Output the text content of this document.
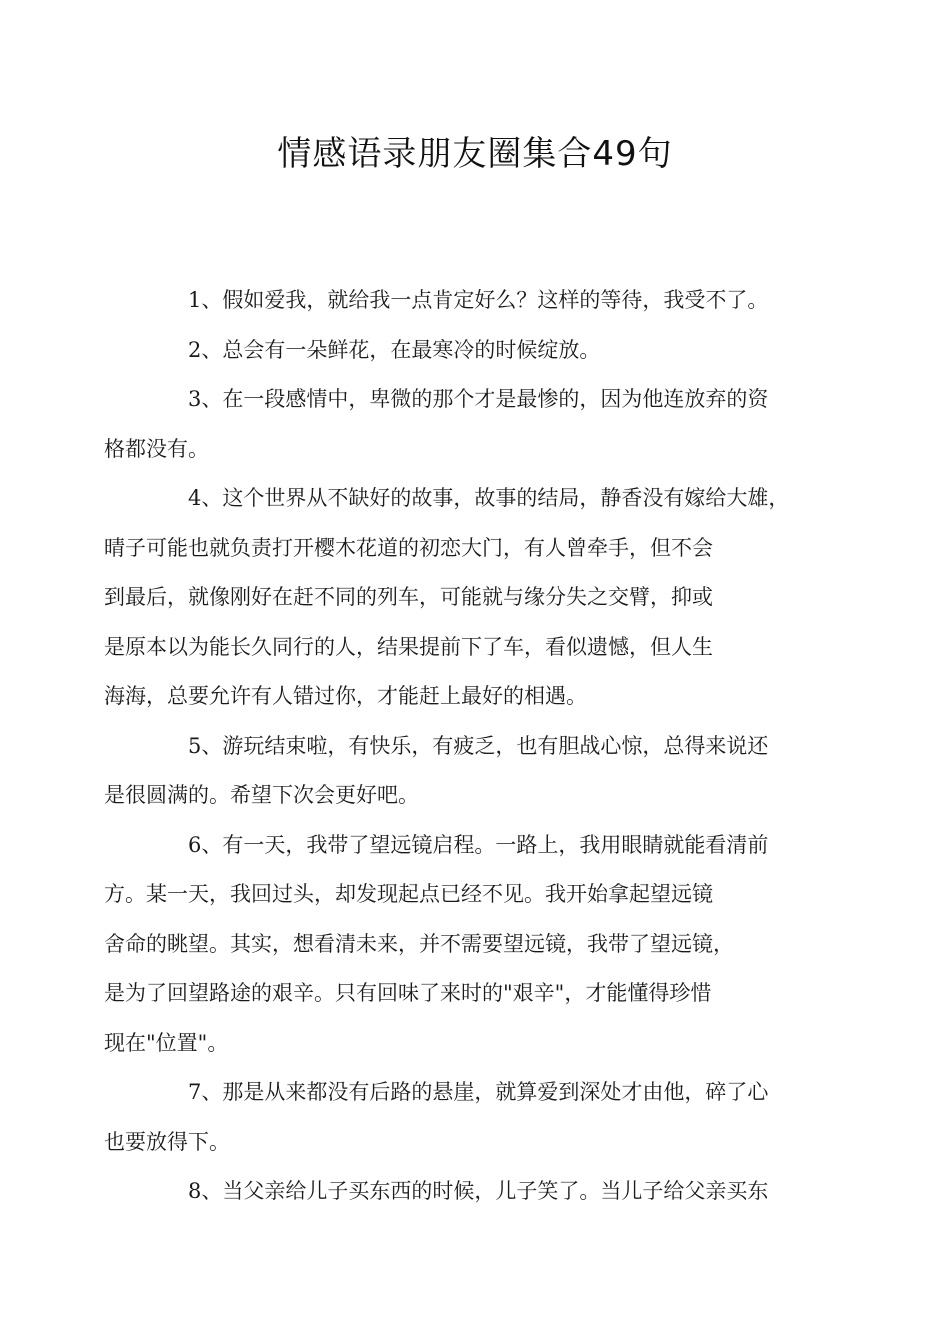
情感语录朋友圈集合49句
1、假如爱我，就给我一点肯定好么？这样的等待，我受不了。
2、总会有一朵鲜花，在最寒冷的时候绽放。
3、在一段感情中，卑微的那个才是最惨的，因为他连放弃的资
格都没有。
4、这个世界从不缺好的故事，故事的结局，静香没有嫁给大雄，
晴子可能也就负责打开樱木花道的初恋大门，有人曾牵手，但不会
到最后，就像刚好在赶不同的列车，可能就与缘分失之交臂，抑或
是原本以为能长久同行的人，结果提前下了车，看似遗憾，但人生
海海，总要允许有人错过你，才能赶上最好的相遇。
5、游玩结束啦，有快乐，有疲乏，也有胆战心惊，总得来说还
是很圆满的。希望下次会更好吧。
6、有一天，我带了望远镜启程。一路上，我用眼睛就能看清前
方。某一天，我回过头，却发现起点已经不见。我开始拿起望远镜
舍命的眺望。其实，想看清未来，并不需要望远镜，我带了望远镜，
是为了回望路途的艰辛。只有回味了来时的"艰辛"，才能懂得珍惜
现在"位置"。
7、那是从来都没有后路的悬崖，就算爱到深处才由他，碎了心
也要放得下。
8、当父亲给儿子买东西的时候，儿子笑了。当儿子给父亲买东
